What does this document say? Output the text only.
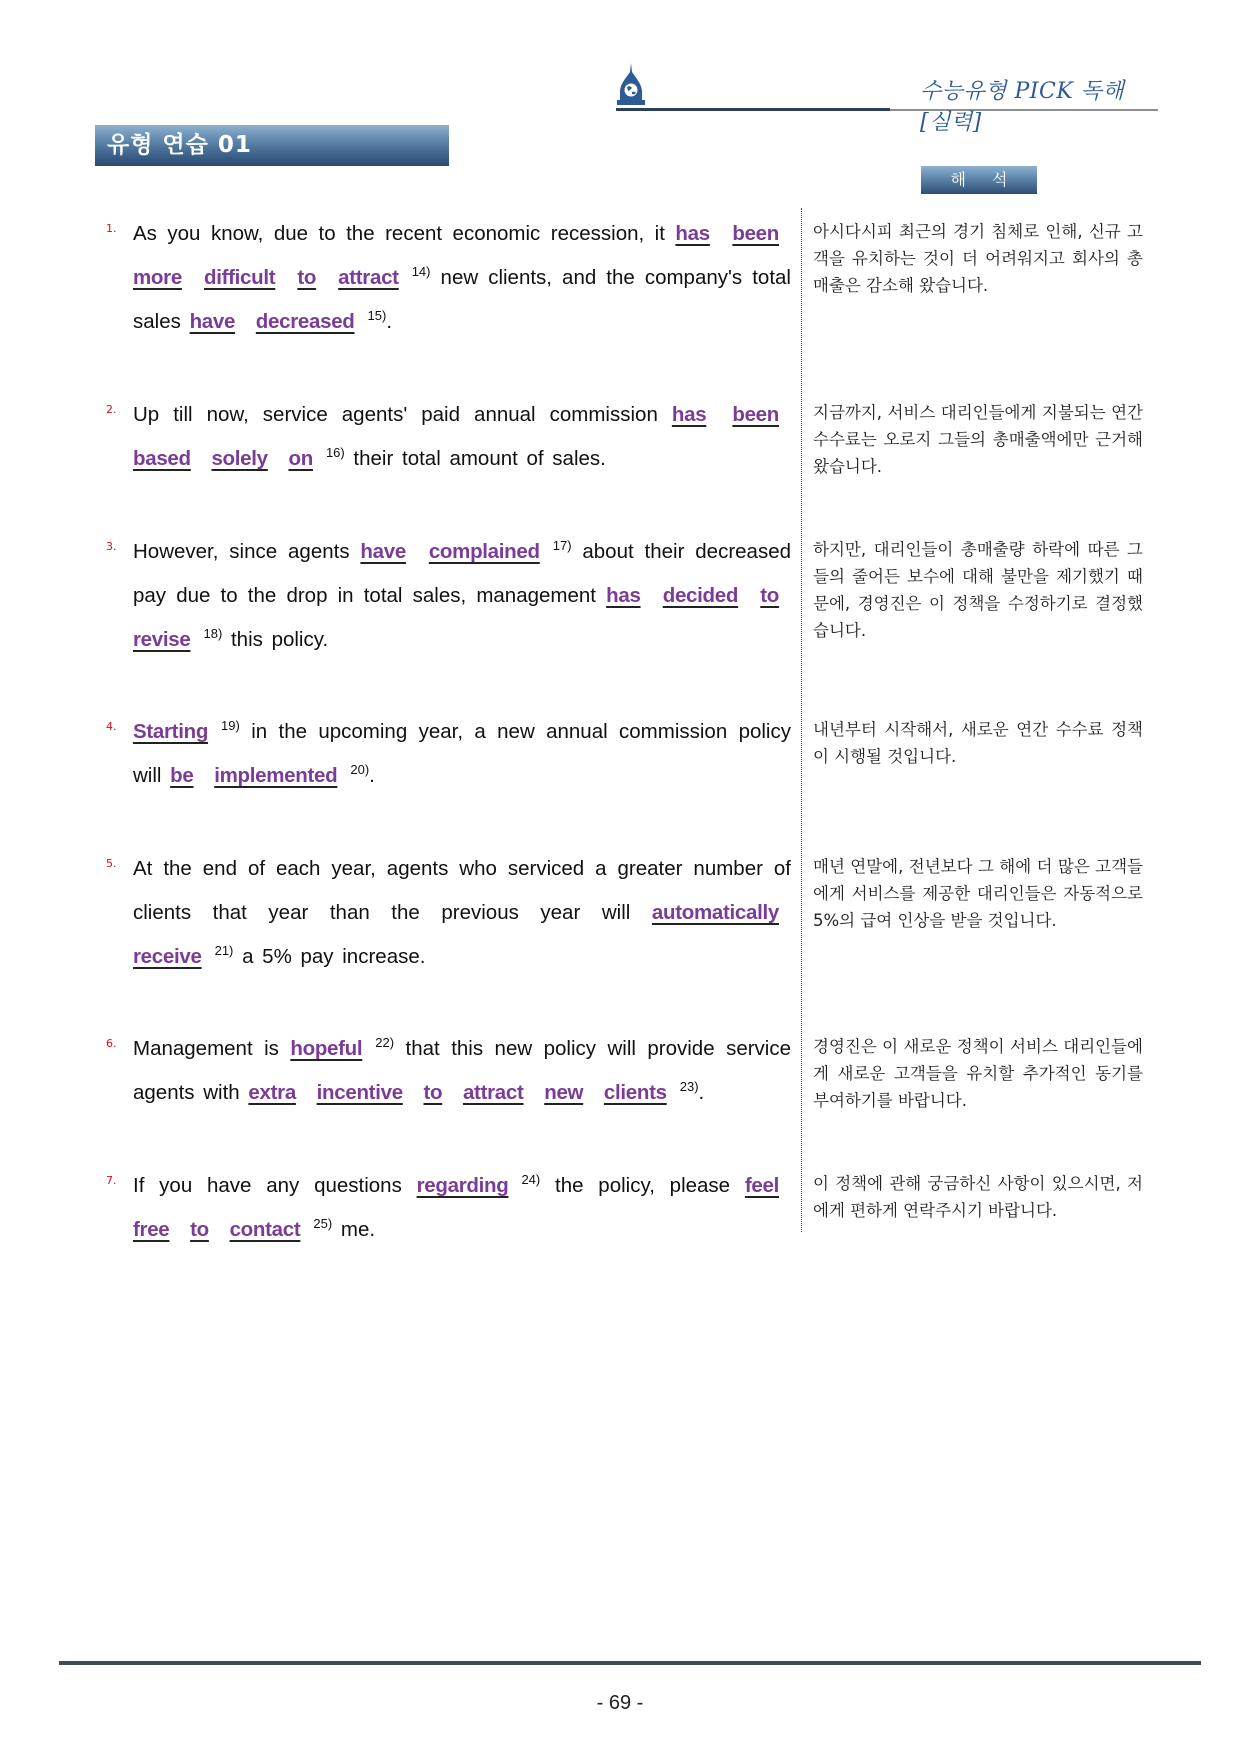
수능유형 PICK 독해 [실력]
유형 연습 01
해석
1. As you know, due to the recent economic recession, it has been more difficult to attract $^{14)}$ new clients, and the company's total sales have decreased $^{15)}$.
아시다시피 최근의 경기 침체로 인해, 신규 고객을 유치하는 것이 더 어려워지고 회사의 총매출은 감소해 왔습니다.
2. Up till now, service agents' paid annual commission has been based solely on $^{16)}$ their total amount of sales.
지금까지, 서비스 대리인들에게 지불되는 연간 수수료는 오로지 그들의 총매출액에만 근거해 왔습니다.
3. However, since agents have complained $^{17)}$ about their decreased pay due to the drop in total sales, management has decided to revise $^{18)}$ this policy.
하지만, 대리인들이 총매출량 하락에 따른 그들의 줄어든 보수에 대해 불만을 제기했기 때문에, 경영진은 이 정책을 수정하기로 결정했습니다.
4. Starting $^{19)}$ in the upcoming year, a new annual commission policy will be implemented $^{20)}$.
내년부터 시작해서, 새로운 연간 수수료 정책이 시행될 것입니다.
5. At the end of each year, agents who serviced a greater number of clients that year than the previous year will automatically receive $^{21)}$ a 5% pay increase.
매년 연말에, 전년보다 그 해에 더 많은 고객들에게 서비스를 제공한 대리인들은 자동적으로 5%의 급여 인상을 받을 것입니다.
6. Management is hopeful $^{22)}$ that this new policy will provide service agents with extra incentive to attract new clients $^{23)}$.
경영진은 이 새로운 정책이 서비스 대리인들에게 새로운 고객들을 유치할 추가적인 동기를 부여하기를 바랍니다.
7. If you have any questions regarding $^{24)}$ the policy, please feel free to contact $^{25)}$ me.
이 정책에 관해 궁금하신 사항이 있으시면, 저에게 편하게 연락주시기 바랍니다.
- 69 -
